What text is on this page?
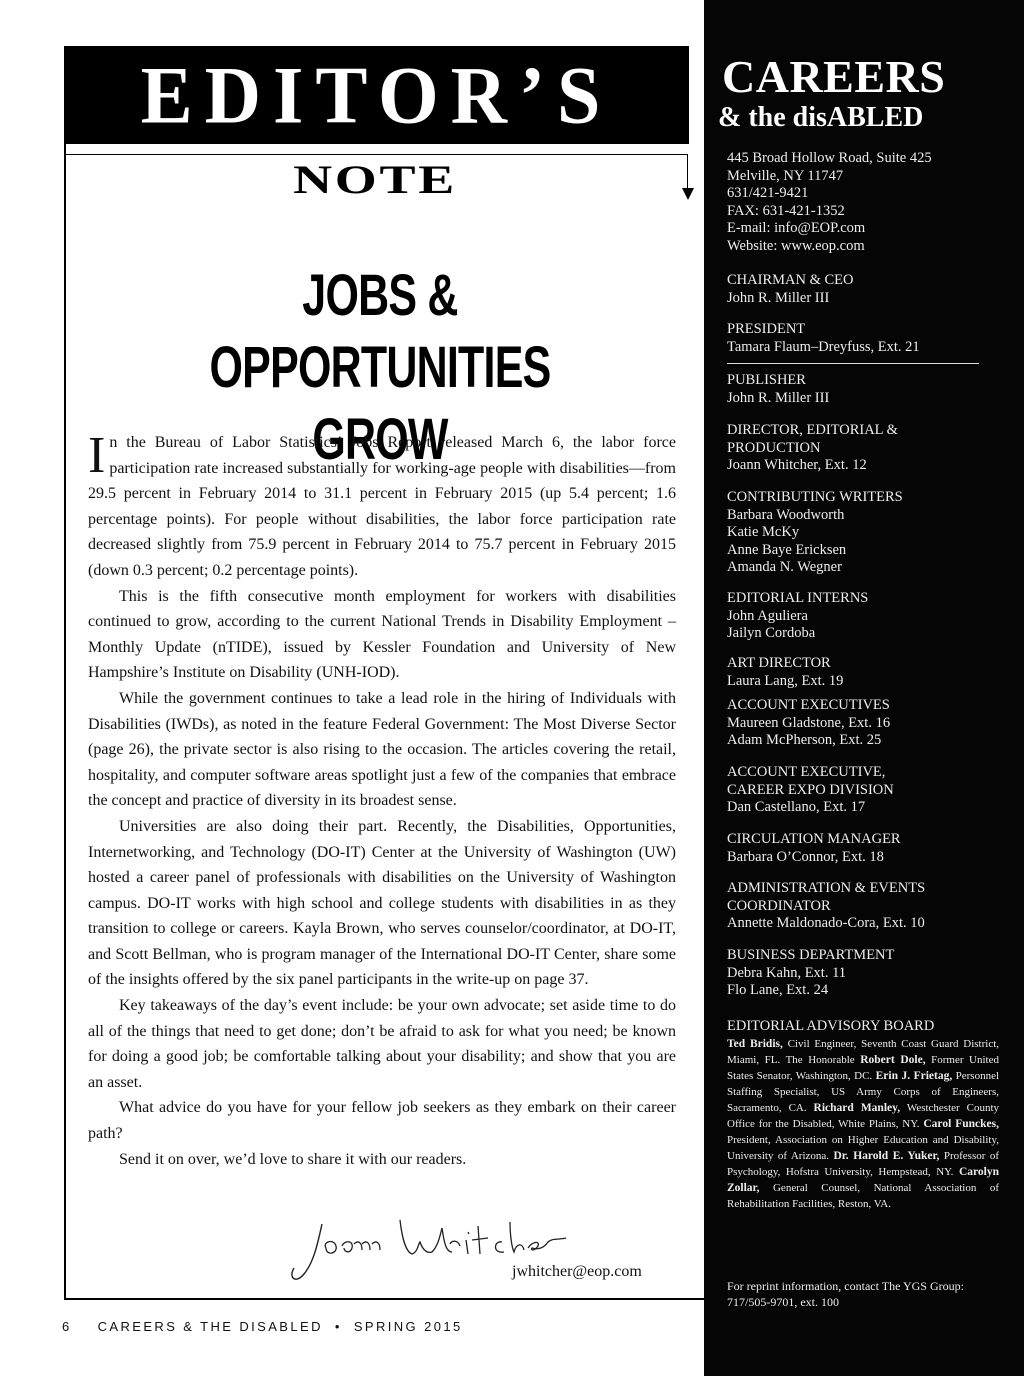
EDITOR’S
NOTE
JOBS & OPPORTUNITIES
GROW

In the Bureau of Labor Statistics’ Jobs Report released March 6, the labor force participation rate increased substantially for working-age people with disabilities—from 29.5 percent in February 2014 to 31.1 percent in February 2015 (up 5.4 percent; 1.6 percentage points). For people without disabilities, the labor force participation rate decreased slightly from 75.9 percent in February 2014 to 75.7 percent in February 2015 (down 0.3 percent; 0.2 percentage points).

This is the fifth consecutive month employment for workers with disabilities continued to grow, according to the current National Trends in Disability Employment – Monthly Update (nTIDE), issued by Kessler Foundation and University of New Hampshire’s Institute on Disability (UNH-IOD).

While the government continues to take a lead role in the hiring of Individuals with Disabilities (IWDs), as noted in the feature Federal Government: The Most Diverse Sector (page 26), the private sector is also rising to the occasion. The articles covering the retail, hospitality, and computer software areas spotlight just a few of the companies that embrace the concept and practice of diversity in its broadest sense.

Universities are also doing their part. Recently, the Disabilities, Opportunities, Internetworking, and Technology (DO-IT) Center at the University of Washington (UW) hosted a career panel of professionals with disabilities on the University of Washington campus. DO-IT works with high school and college students with disabilities in as they transition to college or careers. Kayla Brown, who serves counselor/coordinator, at DO-IT, and Scott Bellman, who is program manager of the International DO-IT Center, share some of the insights offered by the six panel participants in the write-up on page 37.

Key takeaways of the day’s event include: be your own advocate; set aside time to do all of the things that need to get done; don’t be afraid to ask for what you need; be known for doing a good job; be comfortable talking about your disability; and show that you are an asset.

What advice do you have for your fellow job seekers as they embark on their career path?

Send it on over, we’d love to share it with our readers.

jwhitcher@eop.com
6 CAREERS & THE DISABLED • SPRING 2015
CAREERS
& the disABLED
445 Broad Hollow Road, Suite 425
Melville, NY 11747
631/421-9421
FAX: 631-421-1352
E-mail: info@EOP.com
Website: www.eop.com
CHAIRMAN & CEO
John R. Miller III
PRESIDENT
Tamara Flaum–Dreyfuss, Ext. 21
PUBLISHER
John R. Miller III
DIRECTOR, EDITORIAL &
PRODUCTION
Joann Whitcher, Ext. 12
CONTRIBUTING WRITERS
Barbara Woodworth
Katie McKy
Anne Baye Ericksen
Amanda N. Wegner
EDITORIAL INTERNS
John Aguliera
Jailyn Cordoba
ART DIRECTOR
Laura Lang, Ext. 19
ACCOUNT EXECUTIVES
Maureen Gladstone, Ext. 16
Adam McPherson, Ext. 25
ACCOUNT EXECUTIVE,
CAREER EXPO DIVISION
Dan Castellano, Ext. 17
CIRCULATION MANAGER
Barbara O’Connor, Ext. 18
ADMINISTRATION & EVENTS
COORDINATOR
Annette Maldonado-Cora, Ext. 10
BUSINESS DEPARTMENT
Debra Kahn, Ext. 11
Flo Lane, Ext. 24
EDITORIAL ADVISORY BOARD
Ted Bridis, Civil Engineer, Seventh Coast Guard District, Miami, FL. The Honorable Robert Dole, Former United States Senator, Washington, DC. Erin J. Frietag, Personnel Staffing Specialist, US Army Corps of Engineers, Sacramento, CA. Richard Manley, Westchester County Office for the Disabled, White Plains, NY. Carol Funckes, President, Association on Higher Education and Disability, University of Arizona. Dr. Harold E. Yuker, Professor of Psychology, Hofstra University, Hempstead, NY. Carolyn Zollar, General Counsel, National Association of Rehabilitation Facilities, Reston, VA.
For reprint information, contact The YGS Group:
717/505-9701, ext. 100
